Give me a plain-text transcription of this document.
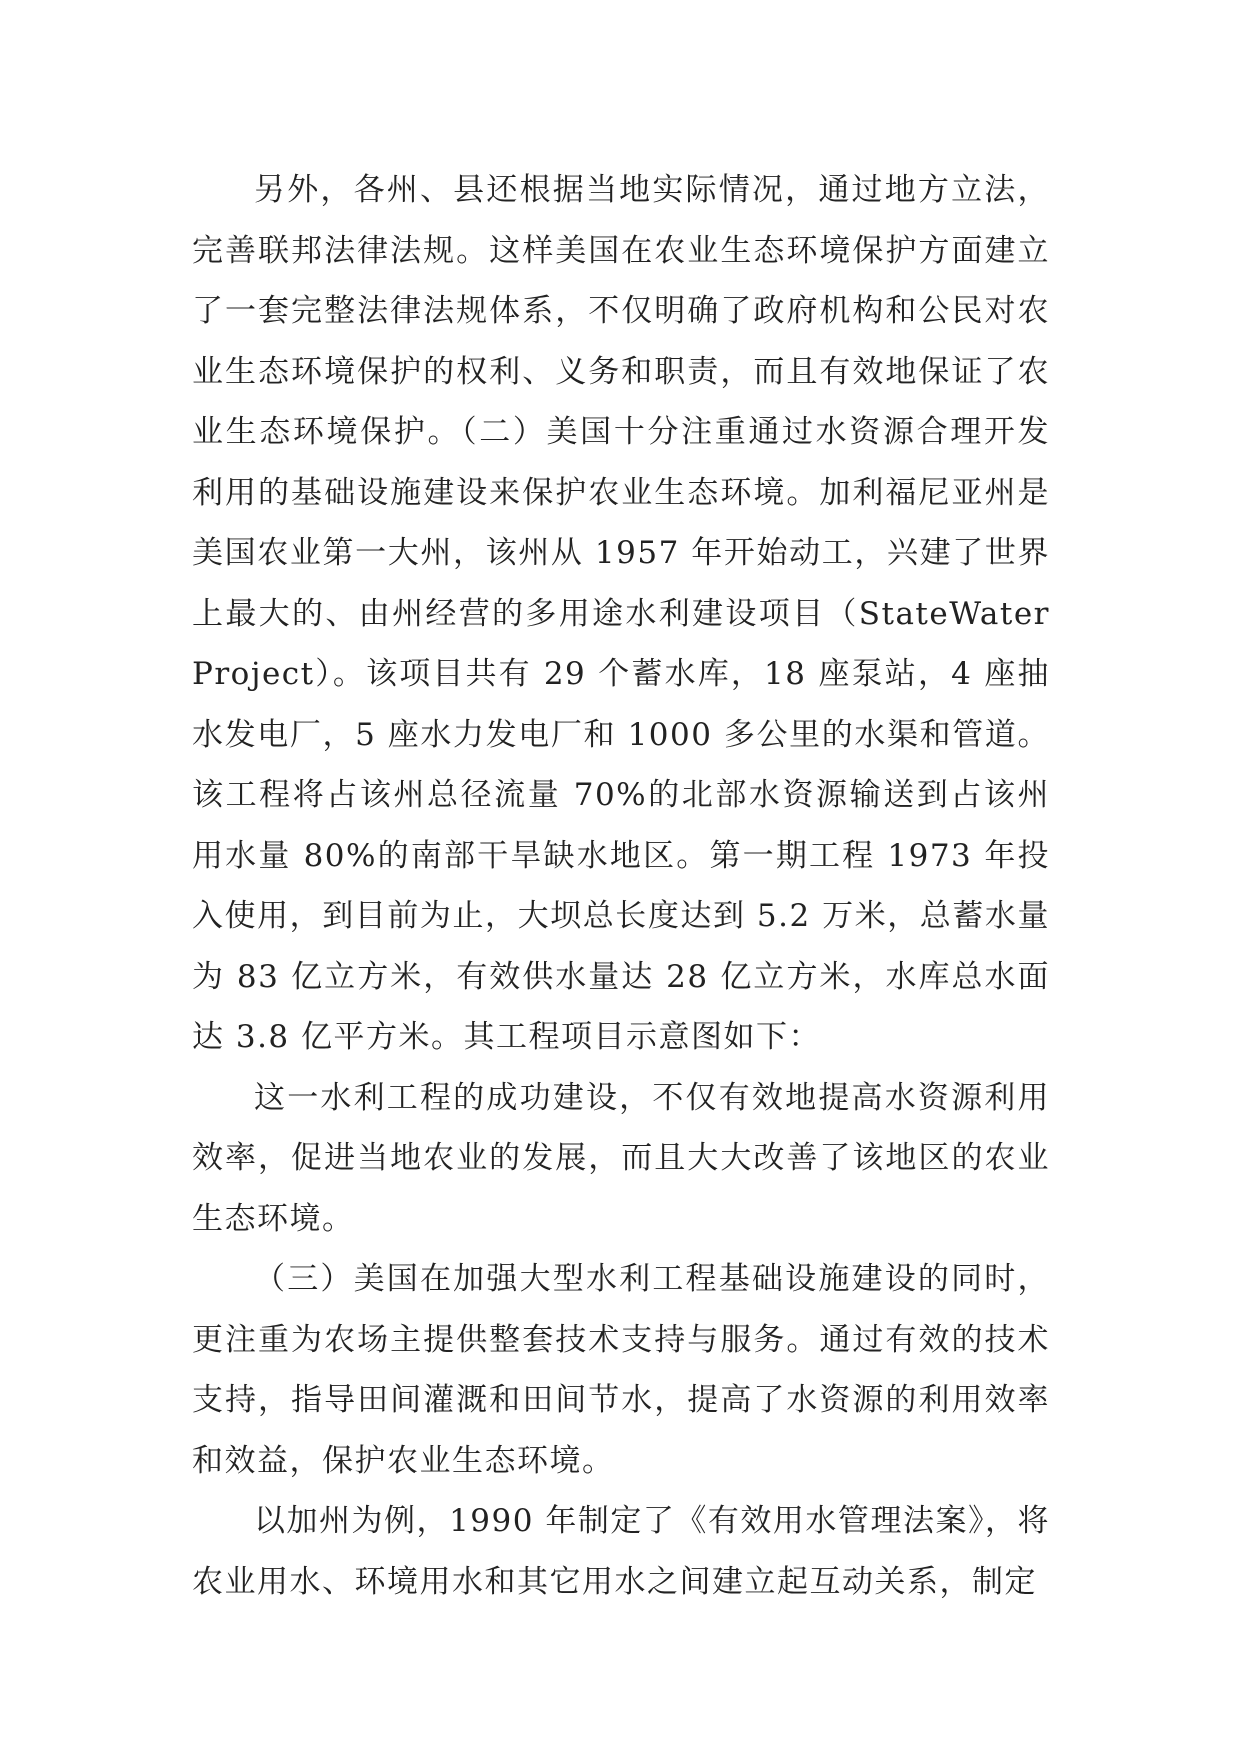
另外，各州、县还根据当地实际情况，通过地方立法，完善联邦法律法规。这样美国在农业生态环境保护方面建立了一套完整法律法规体系，不仅明确了政府机构和公民对农业生态环境保护的权利、义务和职责，而且有效地保证了农业生态环境保护。（二）美国十分注重通过水资源合理开发利用的基础设施建设来保护农业生态环境。加利福尼亚州是美国农业第一大州，该州从 1957 年开始动工，兴建了世界上最大的、由州经营的多用途水利建设项目（StateWaterProject）。该项目共有 29 个蓄水库，18 座泵站，4 座抽水发电厂，5 座水力发电厂和 1000 多公里的水渠和管道。该工程将占该州总径流量 70%的北部水资源输送到占该州用水量 80%的南部干旱缺水地区。第一期工程 1973 年投入使用，到目前为止，大坝总长度达到 5.2 万米，总蓄水量为 83 亿立方米，有效供水量达 28 亿立方米，水库总水面达 3.8 亿平方米。其工程项目示意图如下：

这一水利工程的成功建设，不仅有效地提高水资源利用效率，促进当地农业的发展，而且大大改善了该地区的农业生态环境。

（三）美国在加强大型水利工程基础设施建设的同时，更注重为农场主提供整套技术支持与服务。通过有效的技术支持，指导田间灌溉和田间节水，提高了水资源的利用效率和效益，保护农业生态环境。

以加州为例，1990 年制定了《有效用水管理法案》，将农业用水、环境用水和其它用水之间建立起互动关系，制定
